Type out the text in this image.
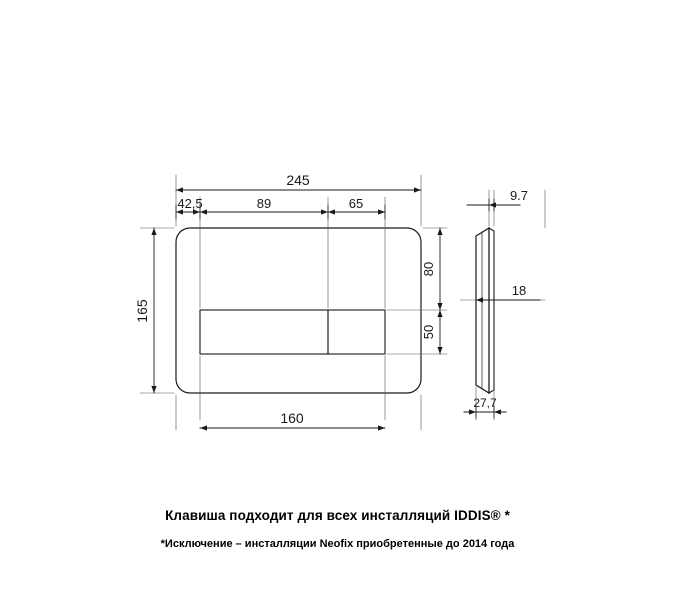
245
42,5	89	65
165
80
50
160
9.7
18
27,7
Клавиша подходит для всех инсталляций IDDIS® *
*Исключение – инсталляции Neofix приобретенные до 2014 года
